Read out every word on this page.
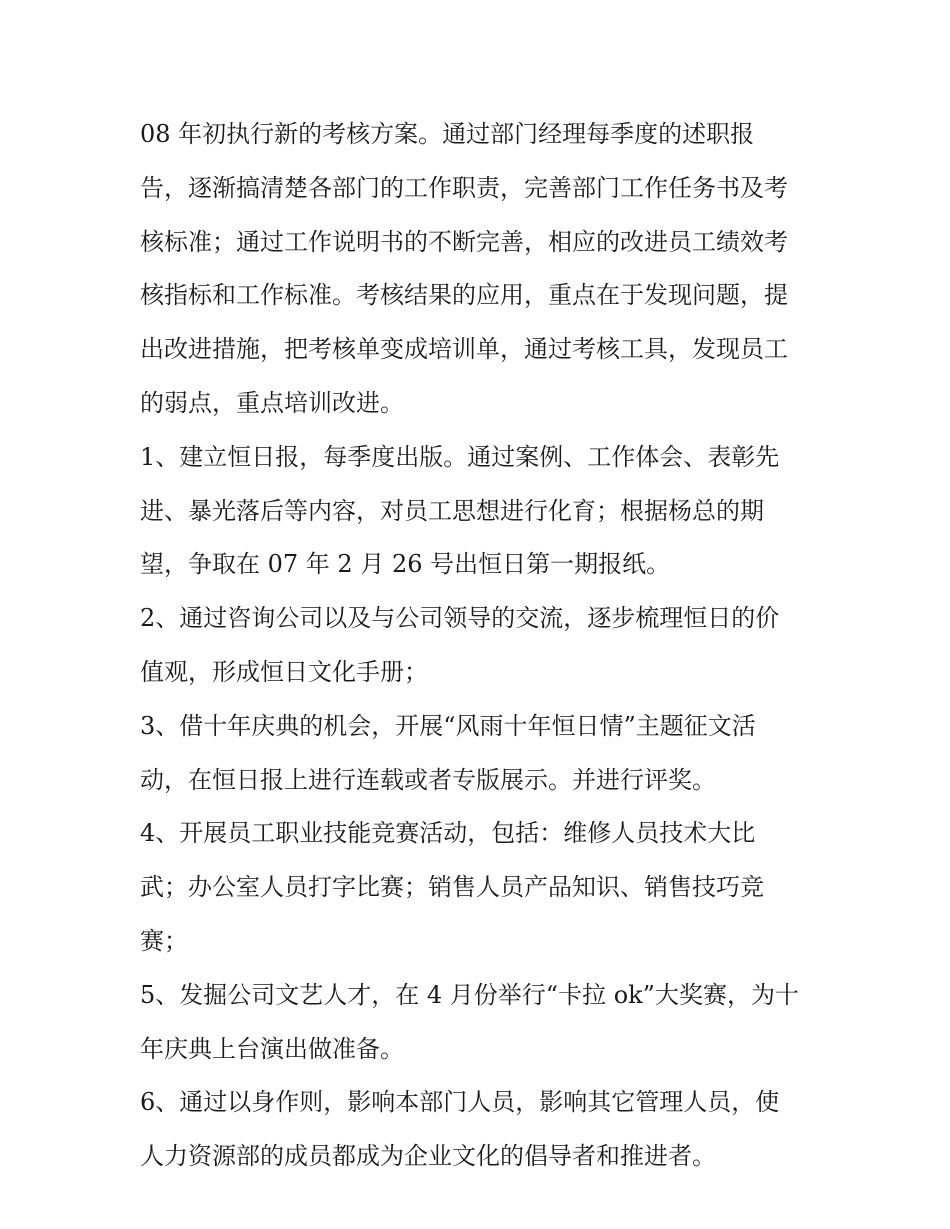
08 年初执行新的考核方案。通过部门经理每季度的述职报
告，逐渐搞清楚各部门的工作职责，完善部门工作任务书及考
核标准；通过工作说明书的不断完善，相应的改进员工绩效考
核指标和工作标准。考核结果的应用，重点在于发现问题，提
出改进措施，把考核单变成培训单，通过考核工具，发现员工
的弱点，重点培训改进。
1、建立恒日报，每季度出版。通过案例、工作体会、表彰先
进、暴光落后等内容，对员工思想进行化育；根据杨总的期
望，争取在 07 年 2 月 26 号出恒日第一期报纸。
2、通过咨询公司以及与公司领导的交流，逐步梳理恒日的价
值观，形成恒日文化手册；
3、借十年庆典的机会，开展“风雨十年恒日情”主题征文活
动，在恒日报上进行连载或者专版展示。并进行评奖。
4、开展员工职业技能竞赛活动，包括：维修人员技术大比
武；办公室人员打字比赛；销售人员产品知识、销售技巧竞
赛；
5、发掘公司文艺人才，在 4 月份举行“卡拉 ok”大奖赛，为十
年庆典上台演出做准备。
6、通过以身作则，影响本部门人员，影响其它管理人员，使
人力资源部的成员都成为企业文化的倡导者和推进者。
